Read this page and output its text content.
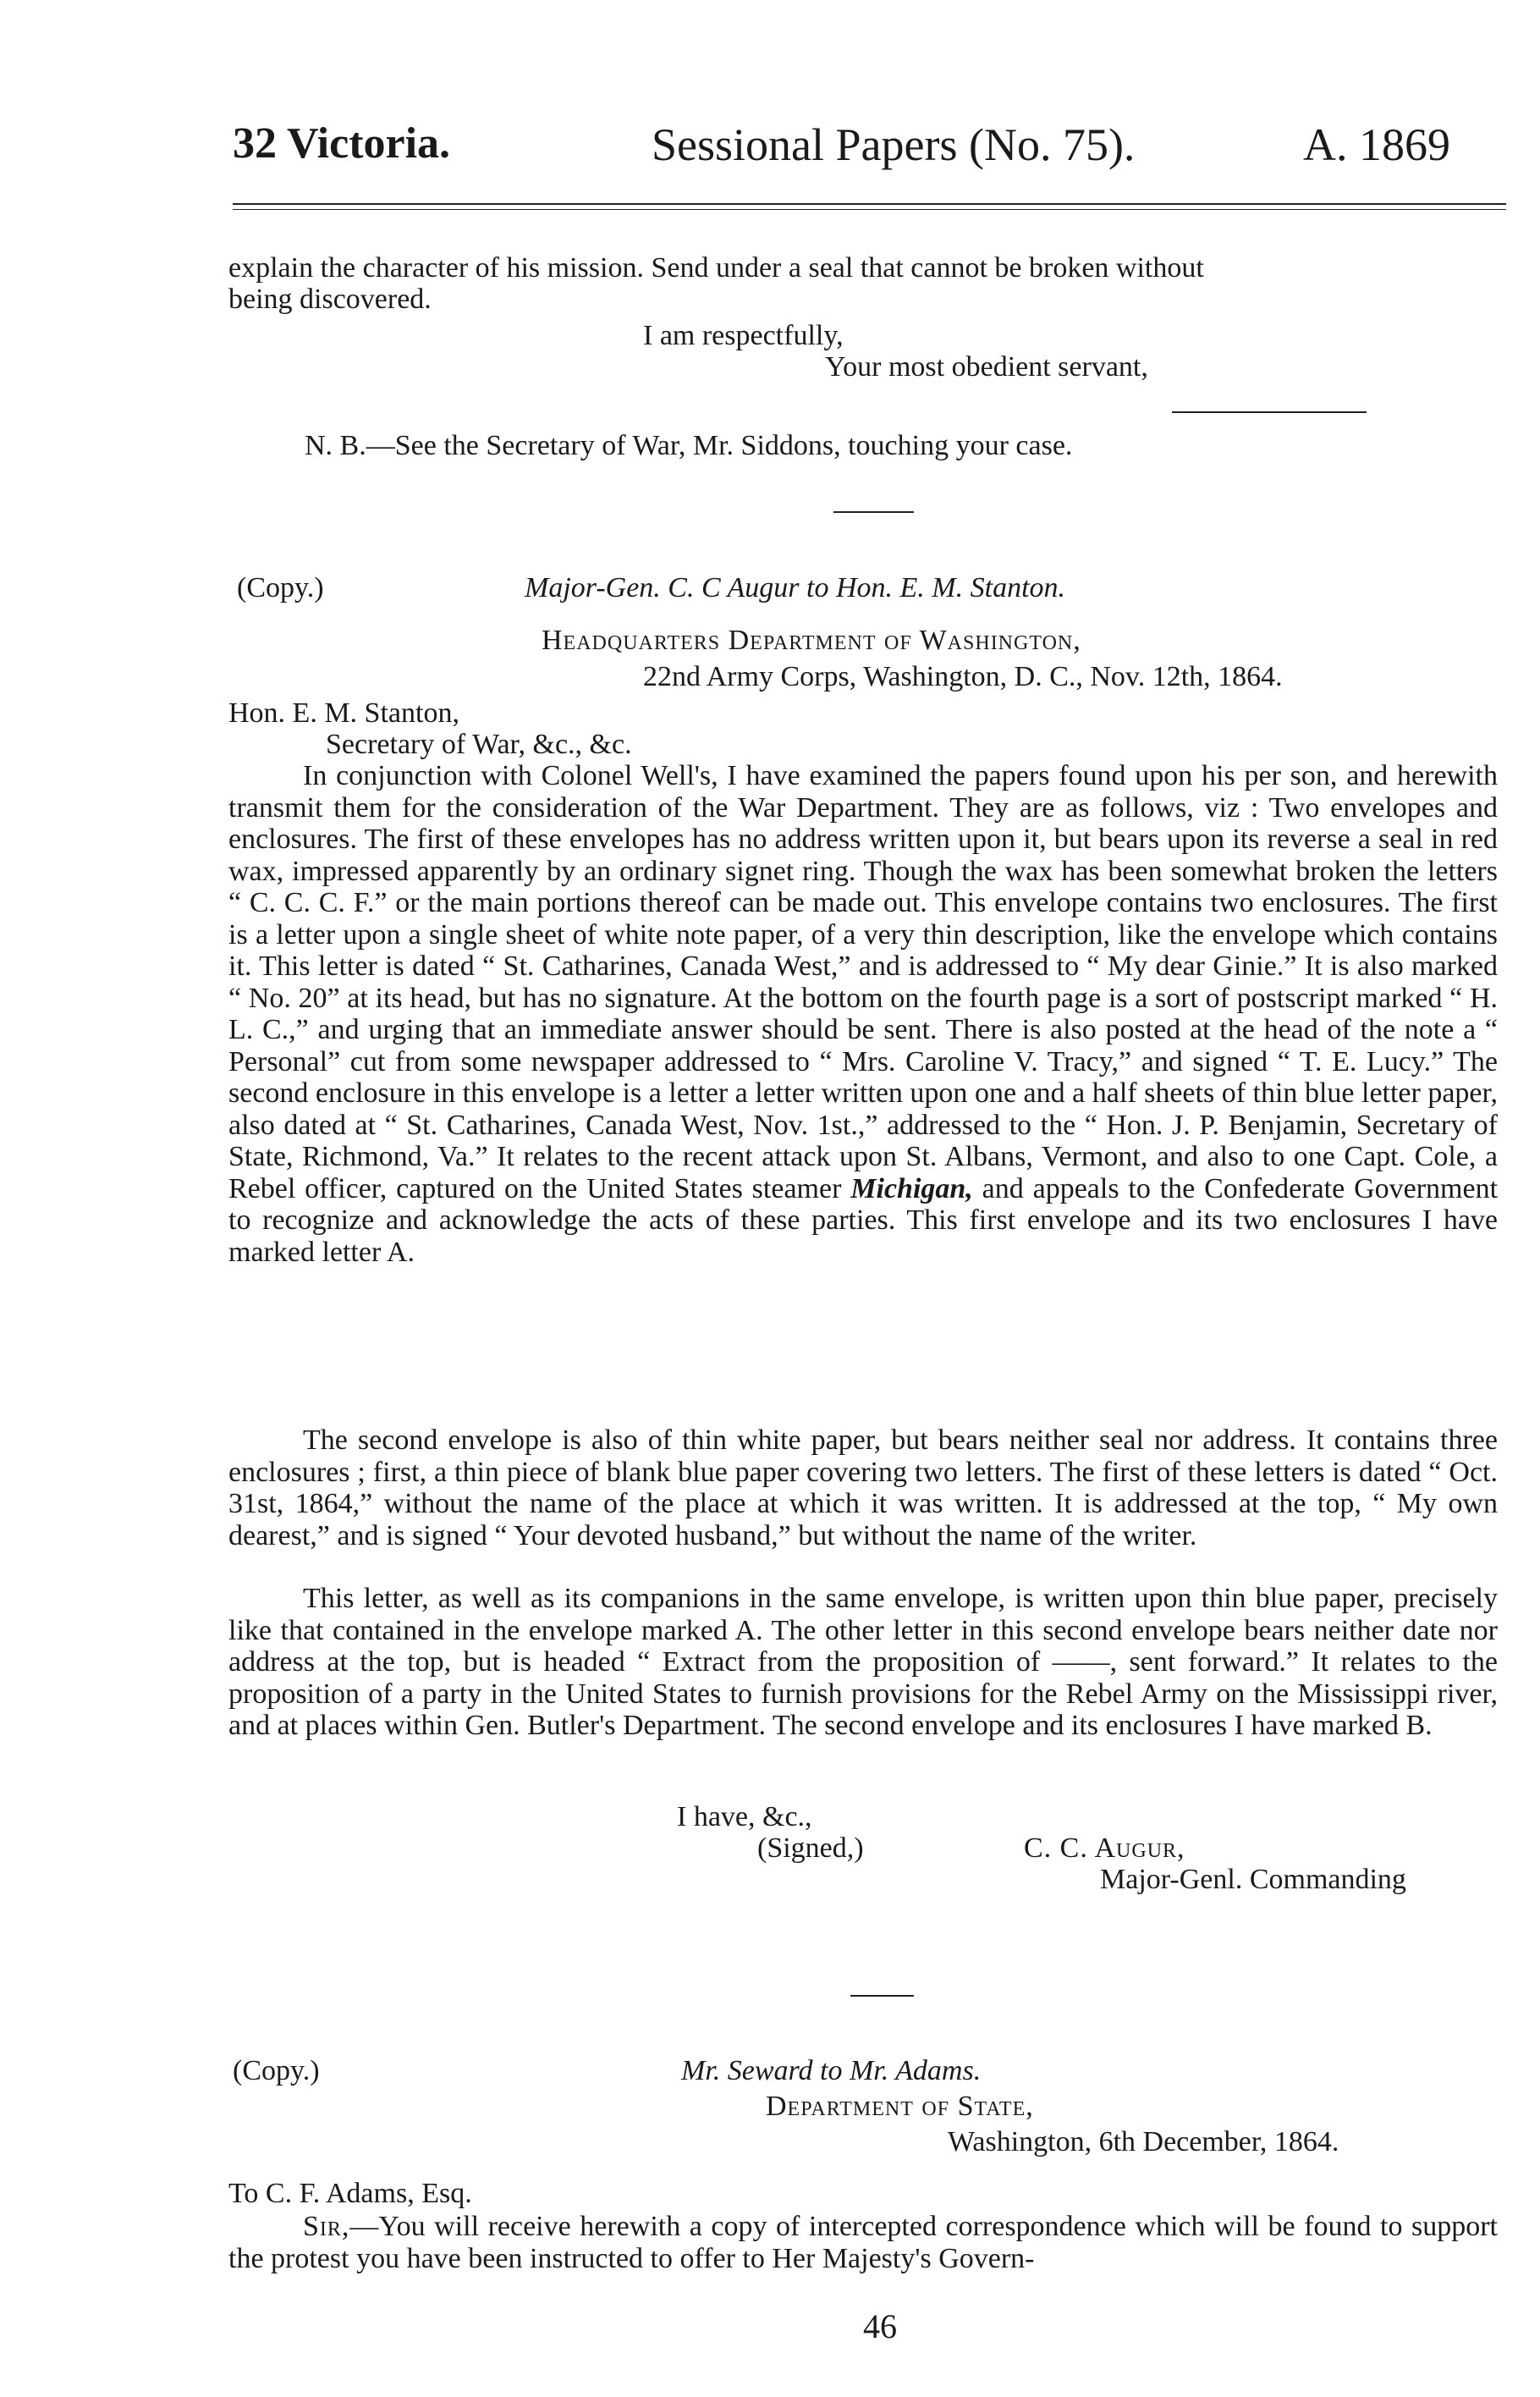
32 Victoria.	Sessional Papers (No. 75).	A. 1869
explain the character of his mission. Send under a seal that cannot be broken without
being discovered.
I am respectfully,
Your most obedient servant,
N. B.—See the Secretary of War, Mr. Siddons, touching your case.
(Copy.)	Major-Gen. C. C Augur to Hon. E. M. Stanton.
Headquarters Department of Washington,
22nd Army Corps, Washington, D. C., Nov. 12th, 1864.
Hon. E. M. Stanton,
Secretary of War, &c., &c.
In conjunction with Colonel Well's, I have examined the papers found upon his per son, and herewith transmit them for the consideration of the War Department. They are as follows, viz : Two envelopes and enclosures. The first of these envelopes has no address written upon it, but bears upon its reverse a seal in red wax, impressed apparently by an ordinary signet ring. Though the wax has been somewhat broken the letters “ C. C. C. F.” or the main portions thereof can be made out. This envelope contains two enclosures. The first is a letter upon a single sheet of white note paper, of a very thin description, like the envelope which contains it. This letter is dated “ St. Catharines, Canada West,” and is addressed to “ My dear Ginie.” It is also marked “ No. 20” at its head, but has no signature. At the bottom on the fourth page is a sort of postscript marked “ H. L. C.,” and urging that an immediate answer should be sent. There is also posted at the head of the note a “ Personal” cut from some newspaper addressed to “ Mrs. Caroline V. Tracy,” and signed “ T. E. Lucy.” The second enclosure in this envelope is a letter a letter written upon one and a half sheets of thin blue letter paper, also dated at “ St. Catharines, Canada West, Nov. 1st.,” addressed to the “ Hon. J. P. Benjamin, Secretary of State, Richmond, Va.” It relates to the recent attack upon St. Albans, Vermont, and also to one Capt. Cole, a Rebel officer, captured on the United States steamer Michigan, and appeals to the Confederate Government to recognize and acknowledge the acts of these parties. This first envelope and its two enclosures I have marked letter A.
The second envelope is also of thin white paper, but bears neither seal nor address. It contains three enclosures ; first, a thin piece of blank blue paper covering two letters. The first of these letters is dated “ Oct. 31st, 1864,” without the name of the place at which it was written. It is addressed at the top, “ My own dearest,” and is signed “ Your devoted husband,” but without the name of the writer.
This letter, as well as its companions in the same envelope, is written upon thin blue paper, precisely like that contained in the envelope marked A. The other letter in this second envelope bears neither date nor address at the top, but is headed “ Extract from the proposition of ——, sent forward.” It relates to the proposition of a party in the United States to furnish provisions for the Rebel Army on the Mississippi river, and at places within Gen. Butler's Department. The second envelope and its enclosures I have marked B.
I have, &c.,
(Signed,)	C. C. Augur,
Major-Genl. Commanding
(Copy.)	Mr. Seward to Mr. Adams.
Department of State,
Washington, 6th December, 1864.
To C. F. Adams, Esq.
Sir,—You will receive herewith a copy of intercepted correspondence which will be found to support the protest you have been instructed to offer to Her Majesty's Govern-
46
